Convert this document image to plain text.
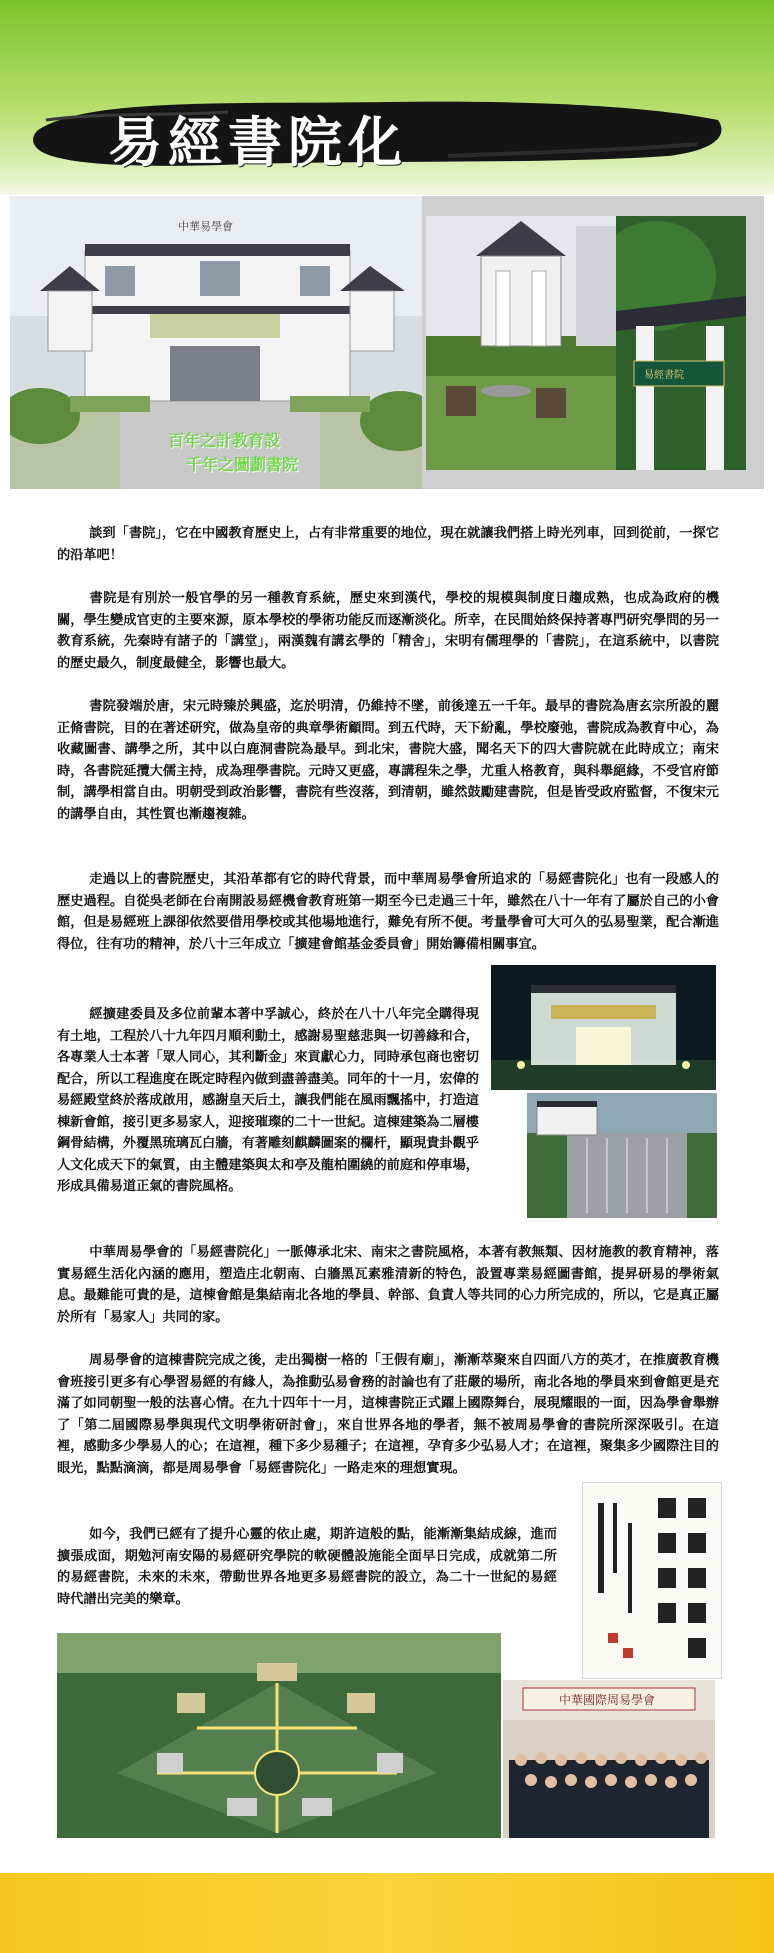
易經書院化
中華易學會
百年之計教育設
千年之圖劃書院
易經書院

談到「書院」，它在中國教育歷史上，占有非常重要的地位，現在就讓我們搭上時光列車，回到從前，一探它的沿革吧！

書院是有別於一般官學的另一種教育系統，歷史來到漢代，學校的規模與制度日趨成熟，也成為政府的機關，學生變成官吏的主要來源，原本學校的學術功能反而逐漸淡化。所幸，在民間始終保持著專門研究學問的另一教育系統，先秦時有諸子的「講堂」，兩漢魏有講玄學的「精舍」，宋明有儒理學的「書院」，在這系統中，以書院的歷史最久，制度最健全，影響也最大。

書院發端於唐，宋元時臻於興盛，迄於明清，仍維持不墜，前後達五一千年。最早的書院為唐玄宗所設的麗正脩書院，目的在著述研究，做為皇帝的典章學術顧問。到五代時，天下紛亂，學校廢弛，書院成為教育中心，為收藏圖書、講學之所，其中以白鹿洞書院為最早。到北宋，書院大盛，聞名天下的四大書院就在此時成立；南宋時，各書院延攬大儒主持，成為理學書院。元時又更盛，專講程朱之學，尤重人格教育，與科舉絕緣，不受官府節制，講學相當自由。明朝受到政治影響，書院有些沒落，到清朝，雖然鼓勵建書院，但是皆受政府監督，不復宋元的講學自由，其性質也漸趨複雜。

走過以上的書院歷史，其沿革都有它的時代背景，而中華周易學會所追求的「易經書院化」也有一段感人的歷史過程。自從吳老師在台南開設易經機會教育班第一期至今已走過三十年，雖然在八十一年有了屬於自己的小會館，但是易經班上課卻依然要借用學校或其他場地進行，難免有所不便。考量學會可大可久的弘易聖業，配合漸進得位，往有功的精神，於八十三年成立「擴建會館基金委員會」開始籌備相關事宜。

經擴建委員及多位前輩本著中孚誠心，終於在八十八年完全購得現有土地，工程於八十九年四月順利動土，感謝易聖慈悲與一切善緣和合，各專業人士本著「眾人同心，其利斷金」來貢獻心力，同時承包商也密切配合，所以工程進度在既定時程內做到盡善盡美。同年的十一月，宏偉的易經殿堂終於落成啟用，感謝皇天后土，讓我們能在風雨飄搖中，打造這棟新會館，接引更多易家人，迎接璀璨的二十一世紀。這棟建築為二層樓鋼骨結構，外覆黑琉璃瓦白牆，有著雕刻麒麟圖案的欄杆，顯現貴卦觀乎人文化成天下的氣質，由主體建築與太和亭及龍柏圍繞的前庭和停車場，形成具備易道正氣的書院風格。

中華周易學會的「易經書院化」一脈傳承北宋、南宋之書院風格，本著有教無類、因材施教的教育精神，落實易經生活化內涵的應用，塑造庄北朝南、白牆黑瓦素雅清新的特色，設置專業易經圖書館，提昇研易的學術氣息。最難能可貴的是，這棟會館是集結南北各地的學員、幹部、負責人等共同的心力所完成的，所以，它是真正屬於所有「易家人」共同的家。

周易學會的這棟書院完成之後，走出獨樹一格的「王假有廟」，漸漸萃聚來自四面八方的英才，在推廣教育機會班接引更多有心學習易經的有緣人，為推動弘易會務的討論也有了莊嚴的場所，南北各地的學員來到會館更是充滿了如同朝聖一般的法喜心情。在九十四年十一月，這棟書院正式躍上國際舞台，展現耀眼的一面，因為學會舉辦了「第二屆國際易學與現代文明學術研討會」，來自世界各地的學者，無不被周易學會的書院所深深吸引。在這裡，感動多少學易人的心；在這裡，種下多少易種子；在這裡，孕育多少弘易人才；在這裡，聚集多少國際注目的眼光，點點滴滴，都是周易學會「易經書院化」一路走來的理想實現。

如今，我們已經有了提升心靈的依止處，期許這般的點，能漸漸集結成線，進而擴張成面，期勉河南安陽的易經研究學院的軟硬體設施能全面早日完成，成就第二所的易經書院，未來的未來，帶動世界各地更多易經書院的設立，為二十一世紀的易經時代譜出完美的樂章。

中華國際周易學會
